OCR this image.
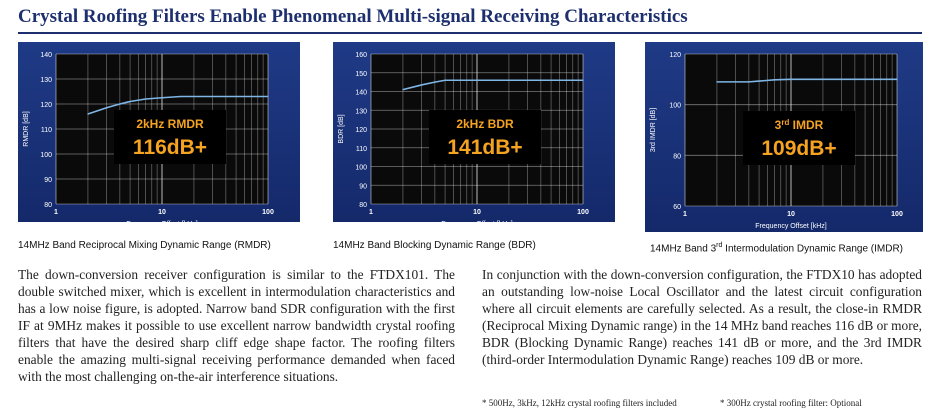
Crystal Roofing Filters Enable Phenomenal Multi-signal Receiving Characteristics
80
90
100
110
120
130
140
1	10	100
Frequency Offset [kHz]
RMDR [dB]	2kHz RMDR
116dB+
80
90
100
110
120
130
140
150
160
1	10	100
Frequency Offset [kHz]
BDR [dB]	2kHz BDR
141dB+
60
80
100
120
1	10	100
Frequency Offset [kHz]
3rd IMDR [dB]	3rd IMDR
109dB+
14MHz Band Reciprocal Mixing Dynamic Range (RMDR)	14MHz Band Blocking Dynamic Range (BDR)	14MHz Band 3rd Intermodulation Dynamic Range (IMDR)

The down-conversion receiver configuration is similar to the FTDX101. The double switched mixer, which is excellent in intermodulation characteristics and has a low noise figure, is adopted. Narrow band SDR configuration with the first IF at 9MHz makes it possible to use excellent narrow bandwidth crystal roofing filters that have the desired sharp cliff edge shape factor. The roofing filters enable the amazing multi-signal receiving performance demanded when faced with the most challenging on-the-air interference situations.

In conjunction with the down-conversion configuration, the FTDX10 has adopted an outstanding low-noise Local Oscillator and the latest circuit configuration where all circuit elements are carefully selected. As a result, the close-in RMDR (Reciprocal Mixing Dynamic range) in the 14 MHz band reaches 116 dB or more, BDR (Blocking Dynamic Range) reaches 141 dB or more, and the 3rd IMDR (third-order Intermodulation Dynamic Range) reaches 109 dB or more.

* 500Hz, 3kHz, 12kHz crystal roofing filters included	* 300Hz crystal roofing filter: Optional
